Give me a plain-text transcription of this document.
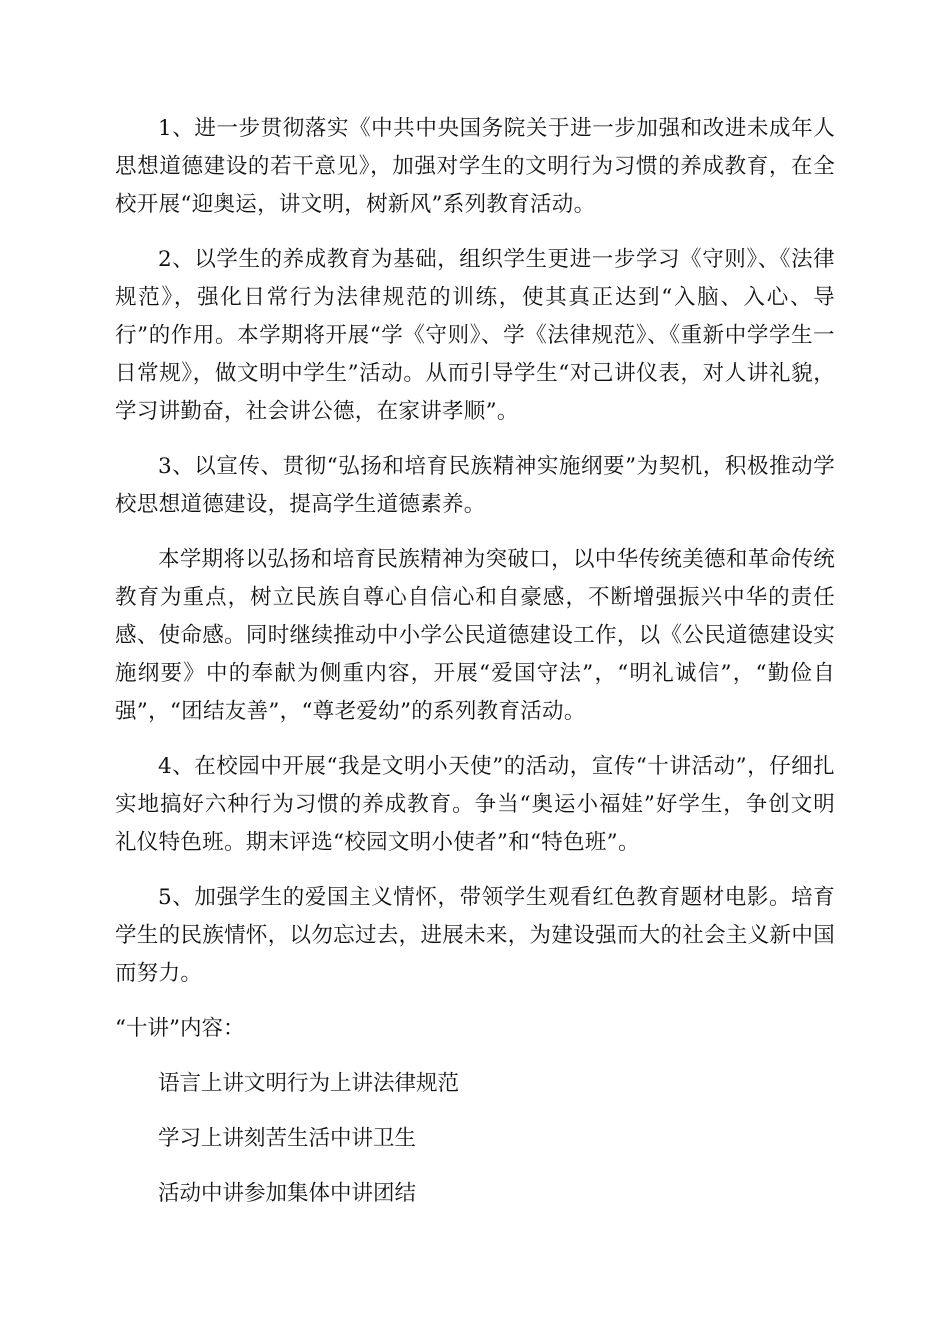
1、进一步贯彻落实《中共中央国务院关于进一步加强和改进未成年人思想道德建设的若干意见》，加强对学生的文明行为习惯的养成教育，在全校开展“迎奥运，讲文明，树新风”系列教育活动。

2、以学生的养成教育为基础，组织学生更进一步学习《守则》、《法律规范》，强化日常行为法律规范的训练，使其真正达到“入脑、入心、导行”的作用。本学期将开展“学《守则》、学《法律规范》、《重新中学学生一日常规》，做文明中学生”活动。从而引导学生“对己讲仪表，对人讲礼貌，学习讲勤奋，社会讲公德，在家讲孝顺”。

3、以宣传、贯彻“弘扬和培育民族精神实施纲要”为契机，积极推动学校思想道德建设，提高学生道德素养。

本学期将以弘扬和培育民族精神为突破口，以中华传统美德和革命传统教育为重点，树立民族自尊心自信心和自豪感，不断增强振兴中华的责任感、使命感。同时继续推动中小学公民道德建设工作，以《公民道德建设实施纲要》中的奉献为侧重内容，开展“爱国守法”，“明礼诚信”，“勤俭自强”，“团结友善”，“尊老爱幼”的系列教育活动。

4、在校园中开展“我是文明小天使”的活动，宣传“十讲活动”，仔细扎实地搞好六种行为习惯的养成教育。争当“奥运小福娃”好学生，争创文明礼仪特色班。期末评选“校园文明小使者”和“特色班”。

5、加强学生的爱国主义情怀，带领学生观看红色教育题材电影。培育学生的民族情怀，以勿忘过去，进展未来，为建设强而大的社会主义新中国而努力。

“十讲”内容：

语言上讲文明行为上讲法律规范

学习上讲刻苦生活中讲卫生

活动中讲参加集体中讲团结
